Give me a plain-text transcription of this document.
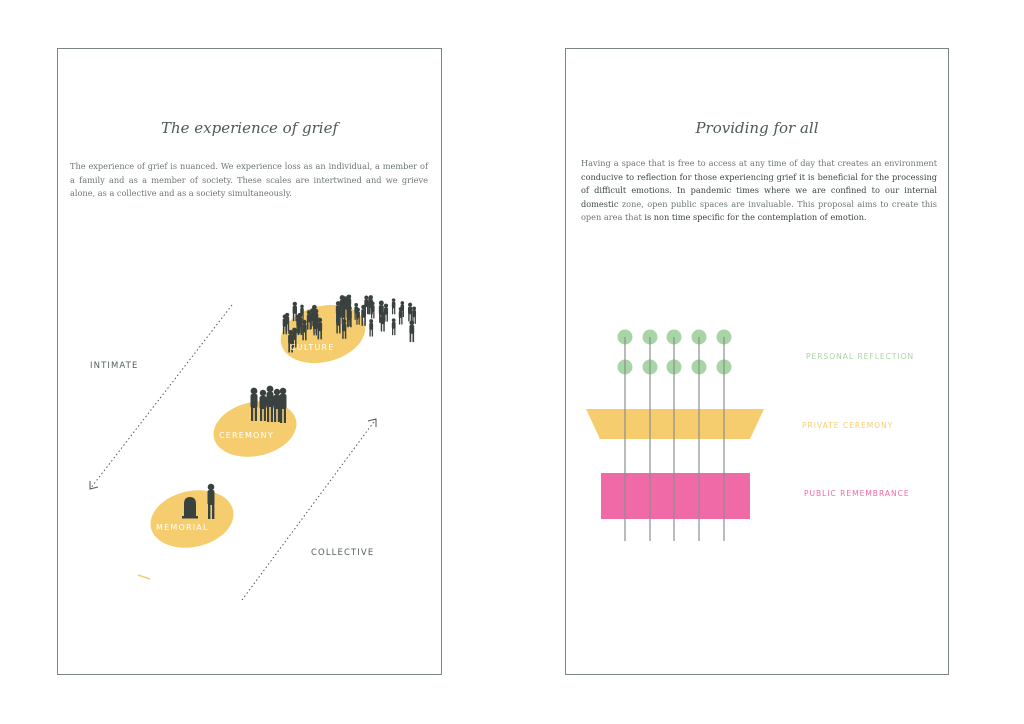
The experience of grief
The experience of grief is nuanced. We experience loss as an individual, a member of a family and as a member of society. These scales are intertwined and we grieve alone, as a collective and as a society simultaneously.
INTIMATE
COLLECTIVE
CULTURE
CEREMONY
MEMORIAL
Providing for all
Having a space that is free to access at any time of day that creates an environment conducive to reflection for those experiencing grief it is beneficial for the processing of difficult emotions. In pandemic times where we are confined to our internal domestic zone, open public spaces are invaluable. This proposal aims to create this open area that is non time specific for the contemplation of emotion.
PERSONAL REFLECTION
PRIVATE CEREMONY
PUBLIC REMEMBRANCE
